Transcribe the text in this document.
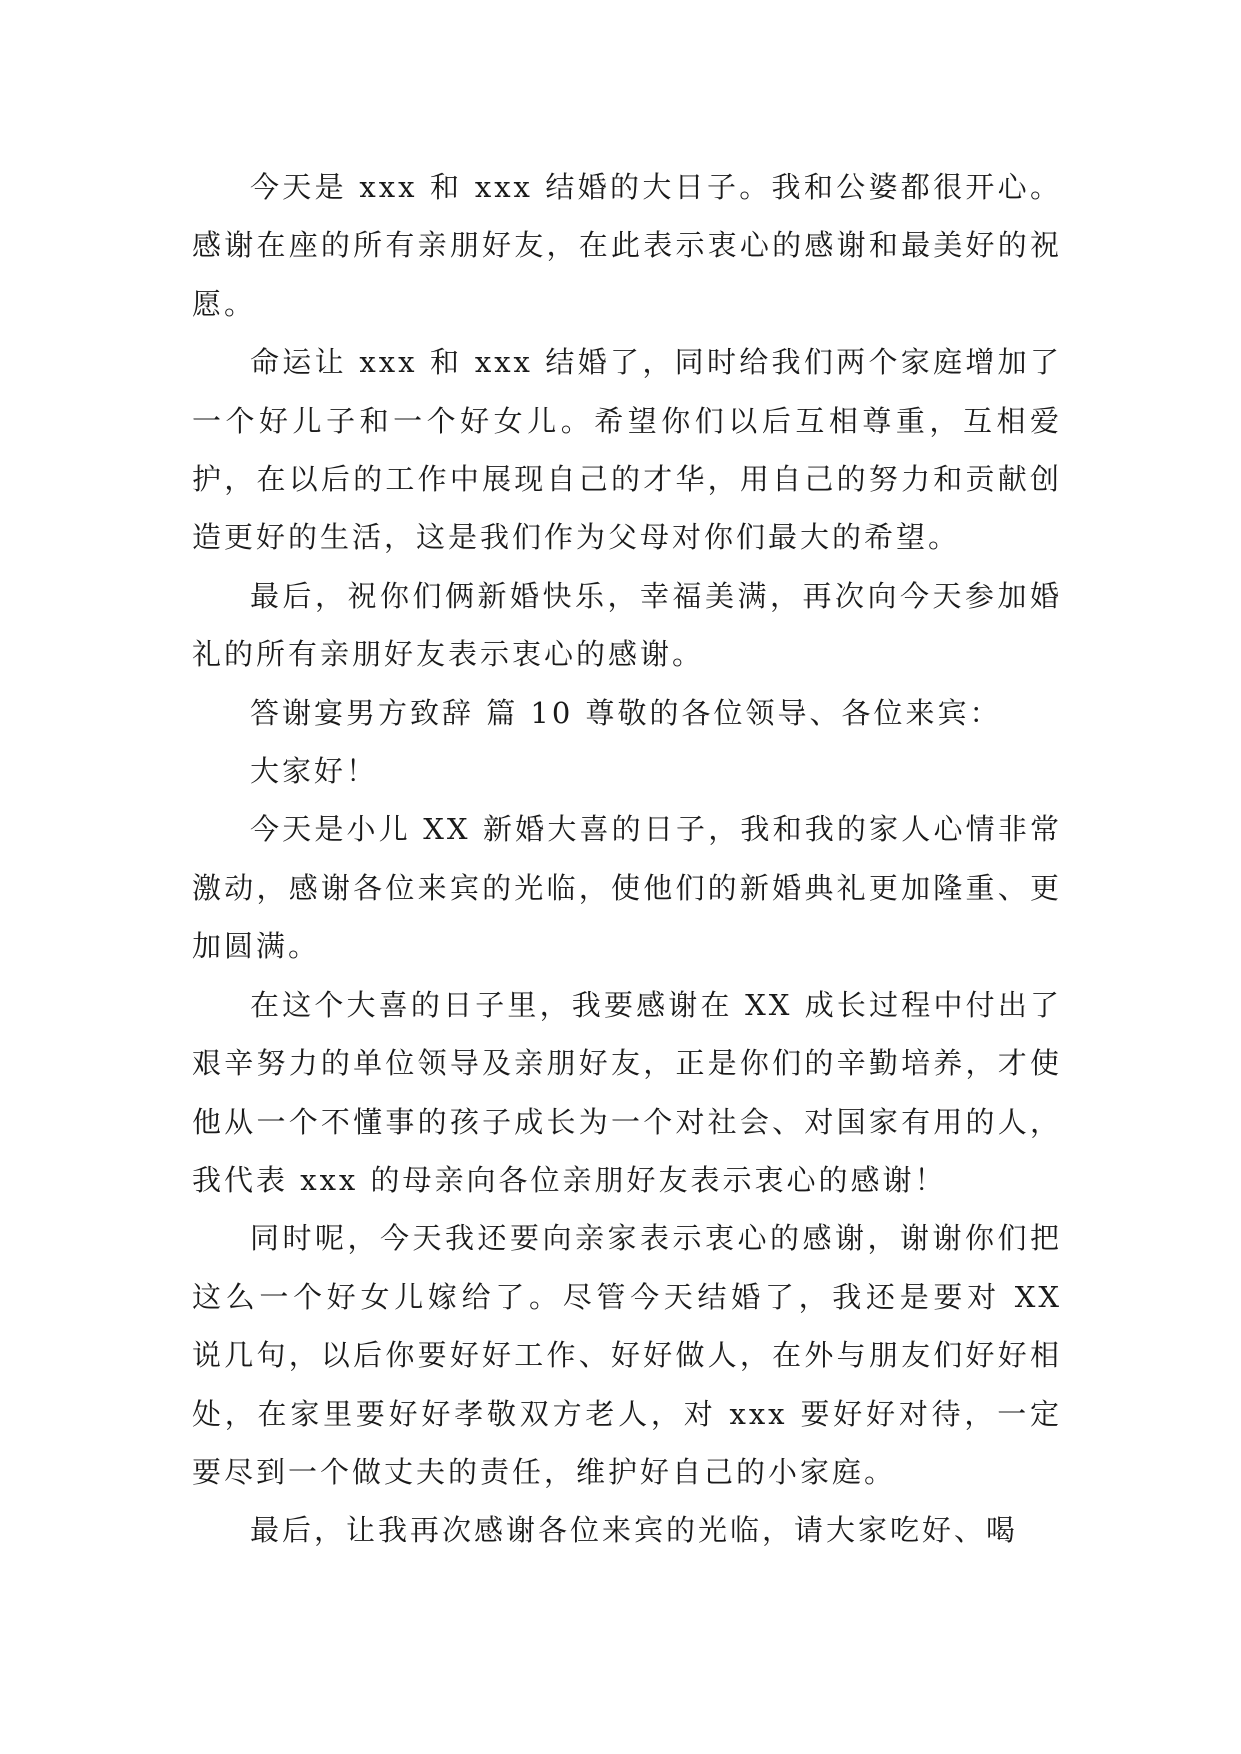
今天是 xxx 和 xxx 结婚的大日子。我和公婆都很开心。感谢在座的所有亲朋好友，在此表示衷心的感谢和最美好的祝愿。

命运让 xxx 和 xxx 结婚了，同时给我们两个家庭增加了一个好儿子和一个好女儿。希望你们以后互相尊重，互相爱护，在以后的工作中展现自己的才华，用自己的努力和贡献创造更好的生活，这是我们作为父母对你们最大的希望。

最后，祝你们俩新婚快乐，幸福美满，再次向今天参加婚礼的所有亲朋好友表示衷心的感谢。

答谢宴男方致辞 篇 10 尊敬的各位领导、各位来宾：

大家好！

今天是小儿 XX 新婚大喜的日子，我和我的家人心情非常激动，感谢各位来宾的光临，使他们的新婚典礼更加隆重、更加圆满。

在这个大喜的日子里，我要感谢在 XX 成长过程中付出了艰辛努力的单位领导及亲朋好友，正是你们的辛勤培养，才使他从一个不懂事的孩子成长为一个对社会、对国家有用的人，我代表 xxx 的母亲向各位亲朋好友表示衷心的感谢！

同时呢，今天我还要向亲家表示衷心的感谢，谢谢你们把这么一个好女儿嫁给了。尽管今天结婚了，我还是要对 XX 说几句，以后你要好好工作、好好做人，在外与朋友们好好相处，在家里要好好孝敬双方老人，对 xxx 要好好对待，一定要尽到一个做丈夫的责任，维护好自己的小家庭。

最后，让我再次感谢各位来宾的光临，请大家吃好、喝
